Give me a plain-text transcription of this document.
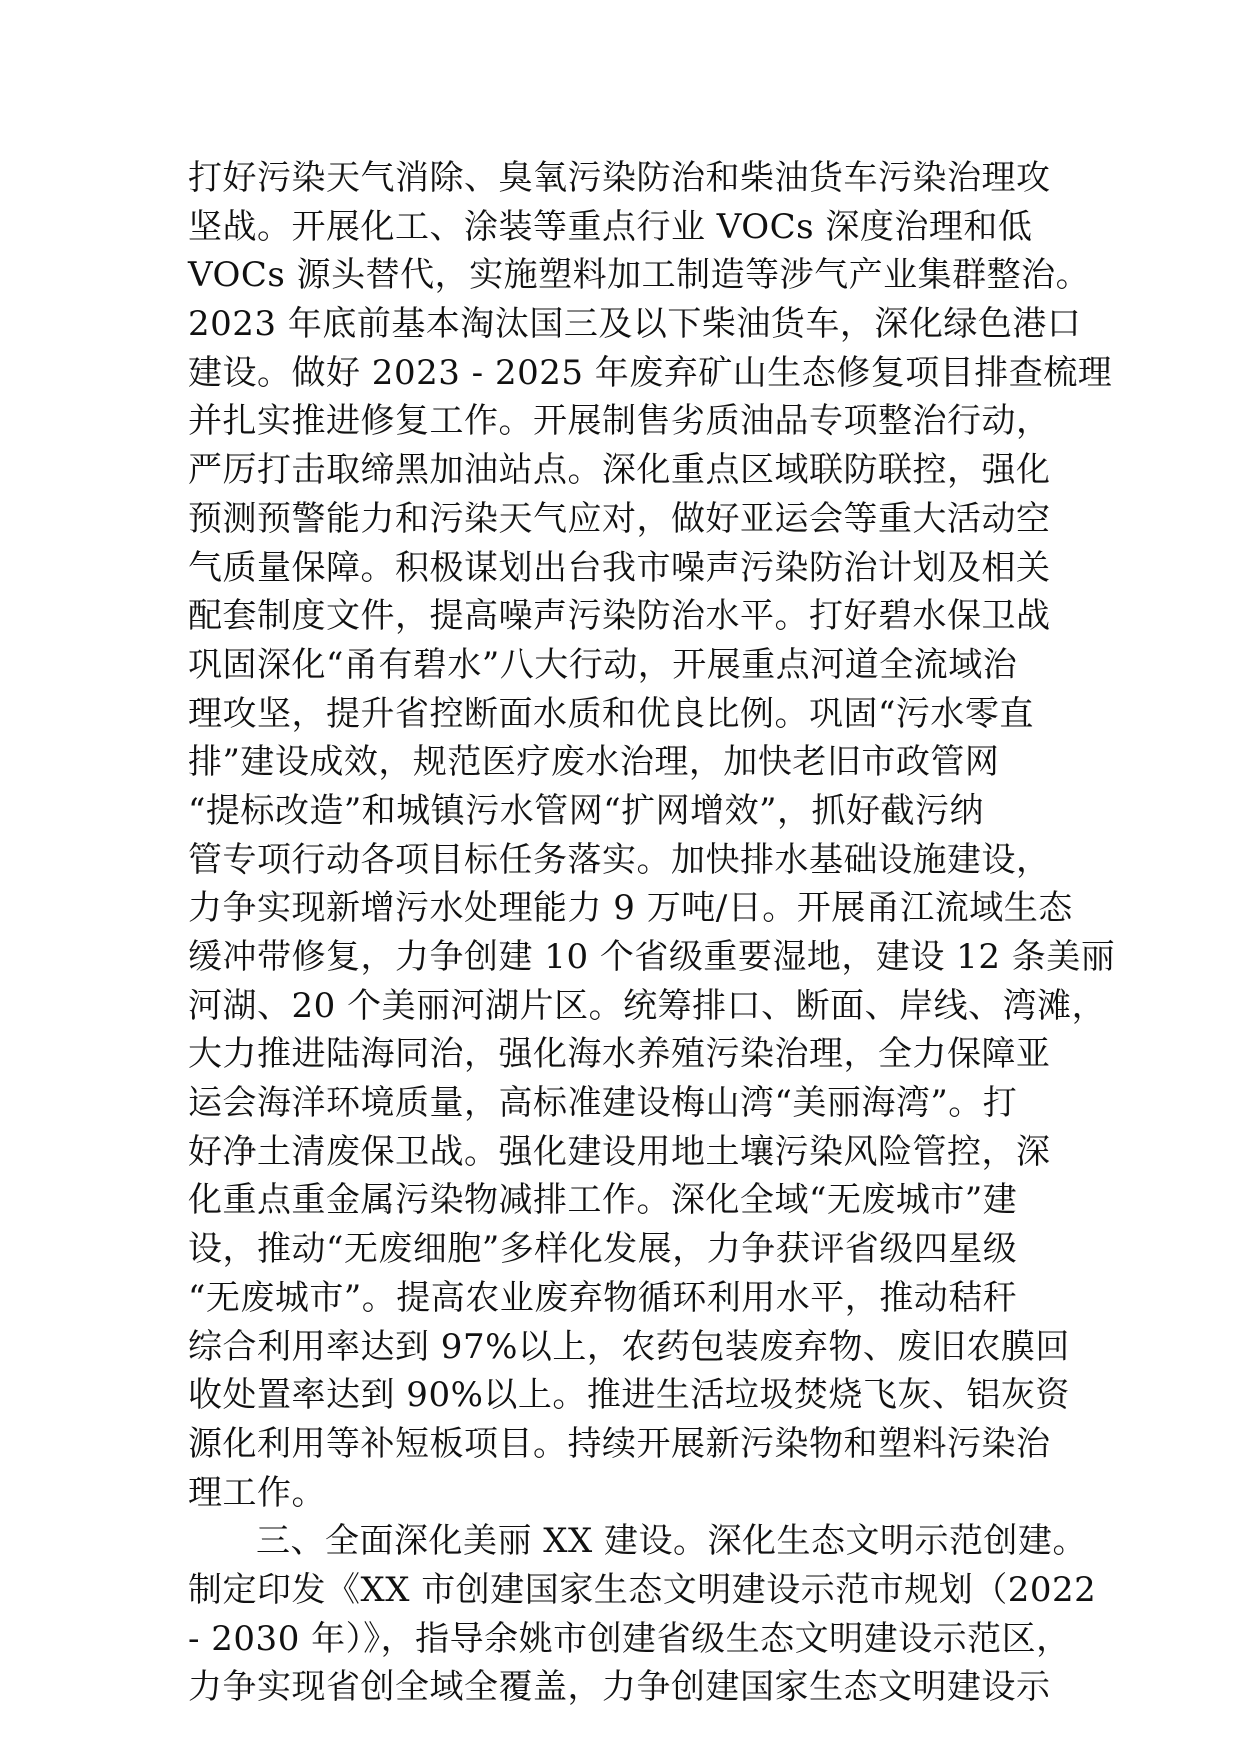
打好污染天气消除、臭氧污染防治和柴油货车污染治理攻
坚战。开展化工、涂装等重点行业 VOCs 深度治理和低
VOCs 源头替代，实施塑料加工制造等涉气产业集群整治。
2023 年底前基本淘汰国三及以下柴油货车，深化绿色港口
建设。做好 2023 - 2025 年废弃矿山生态修复项目排查梳理
并扎实推进修复工作。开展制售劣质油品专项整治行动，
严厉打击取缔黑加油站点。深化重点区域联防联控，强化
预测预警能力和污染天气应对，做好亚运会等重大活动空
气质量保障。积极谋划出台我市噪声污染防治计划及相关
配套制度文件，提高噪声污染防治水平。打好碧水保卫战
巩固深化“甬有碧水”八大行动，开展重点河道全流域治
理攻坚，提升省控断面水质和优良比例。巩固“污水零直
排”建设成效，规范医疗废水治理，加快老旧市政管网
“提标改造”和城镇污水管网“扩网增效”，抓好截污纳
管专项行动各项目标任务落实。加快排水基础设施建设，
力争实现新增污水处理能力 9 万吨/日。开展甬江流域生态
缓冲带修复，力争创建 10 个省级重要湿地，建设 12 条美丽
河湖、20 个美丽河湖片区。统筹排口、断面、岸线、湾滩，
大力推进陆海同治，强化海水养殖污染治理，全力保障亚
运会海洋环境质量，高标准建设梅山湾“美丽海湾”。打
好净土清废保卫战。强化建设用地土壤污染风险管控，深
化重点重金属污染物减排工作。深化全域“无废城市”建
设，推动“无废细胞”多样化发展，力争获评省级四星级
“无废城市”。提高农业废弃物循环利用水平，推动秸秆
综合利用率达到 97%以上，农药包装废弃物、废旧农膜回
收处置率达到 90%以上。推进生活垃圾焚烧飞灰、铝灰资
源化利用等补短板项目。持续开展新污染物和塑料污染治
理工作。
三、全面深化美丽 XX 建设。深化生态文明示范创建。
制定印发《XX 市创建国家生态文明建设示范市规划（2022
- 2030 年）》，指导余姚市创建省级生态文明建设示范区，
力争实现省创全域全覆盖，力争创建国家生态文明建设示
